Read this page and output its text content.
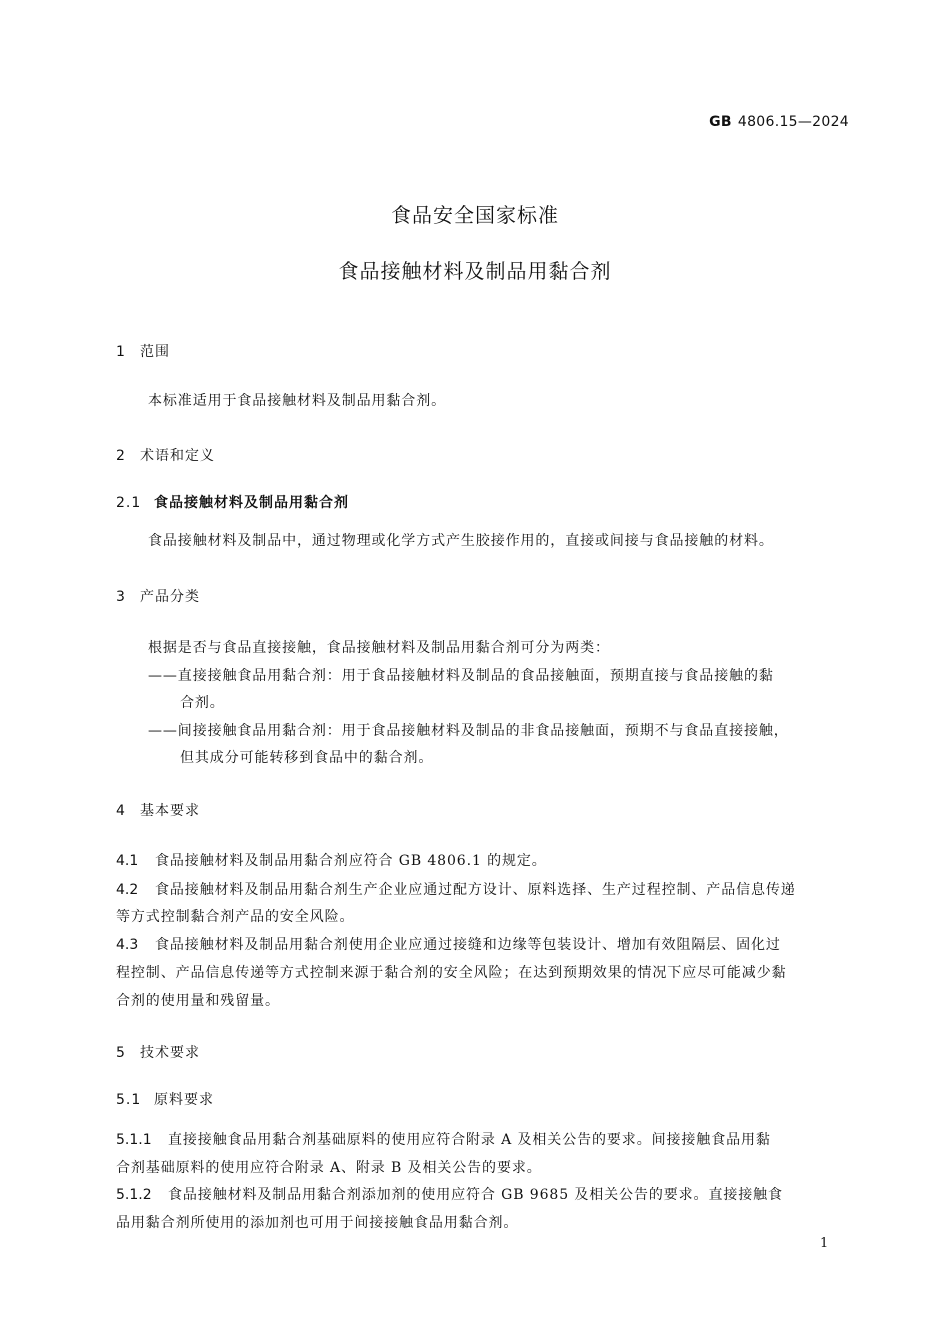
GB 4806.15—2024
食品安全国家标准
食品接触材料及制品用黏合剂
1 范围
本标准适用于食品接触材料及制品用黏合剂。
2 术语和定义
2.1 食品接触材料及制品用黏合剂
食品接触材料及制品中，通过物理或化学方式产生胶接作用的，直接或间接与食品接触的材料。
3 产品分类
根据是否与食品直接接触，食品接触材料及制品用黏合剂可分为两类：
——直接接触食品用黏合剂：用于食品接触材料及制品的食品接触面，预期直接与食品接触的黏
合剂。
——间接接触食品用黏合剂：用于食品接触材料及制品的非食品接触面，预期不与食品直接接触，
但其成分可能转移到食品中的黏合剂。
4 基本要求
4.1 食品接触材料及制品用黏合剂应符合 GB 4806.1 的规定。
4.2 食品接触材料及制品用黏合剂生产企业应通过配方设计、原料选择、生产过程控制、产品信息传递
等方式控制黏合剂产品的安全风险。
4.3 食品接触材料及制品用黏合剂使用企业应通过接缝和边缘等包装设计、增加有效阻隔层、固化过
程控制、产品信息传递等方式控制来源于黏合剂的安全风险；在达到预期效果的情况下应尽可能减少黏
合剂的使用量和残留量。
5 技术要求
5.1 原料要求
5.1.1 直接接触食品用黏合剂基础原料的使用应符合附录 A 及相关公告的要求。间接接触食品用黏
合剂基础原料的使用应符合附录 A、附录 B 及相关公告的要求。
5.1.2 食品接触材料及制品用黏合剂添加剂的使用应符合 GB 9685 及相关公告的要求。直接接触食
品用黏合剂所使用的添加剂也可用于间接接触食品用黏合剂。
1
